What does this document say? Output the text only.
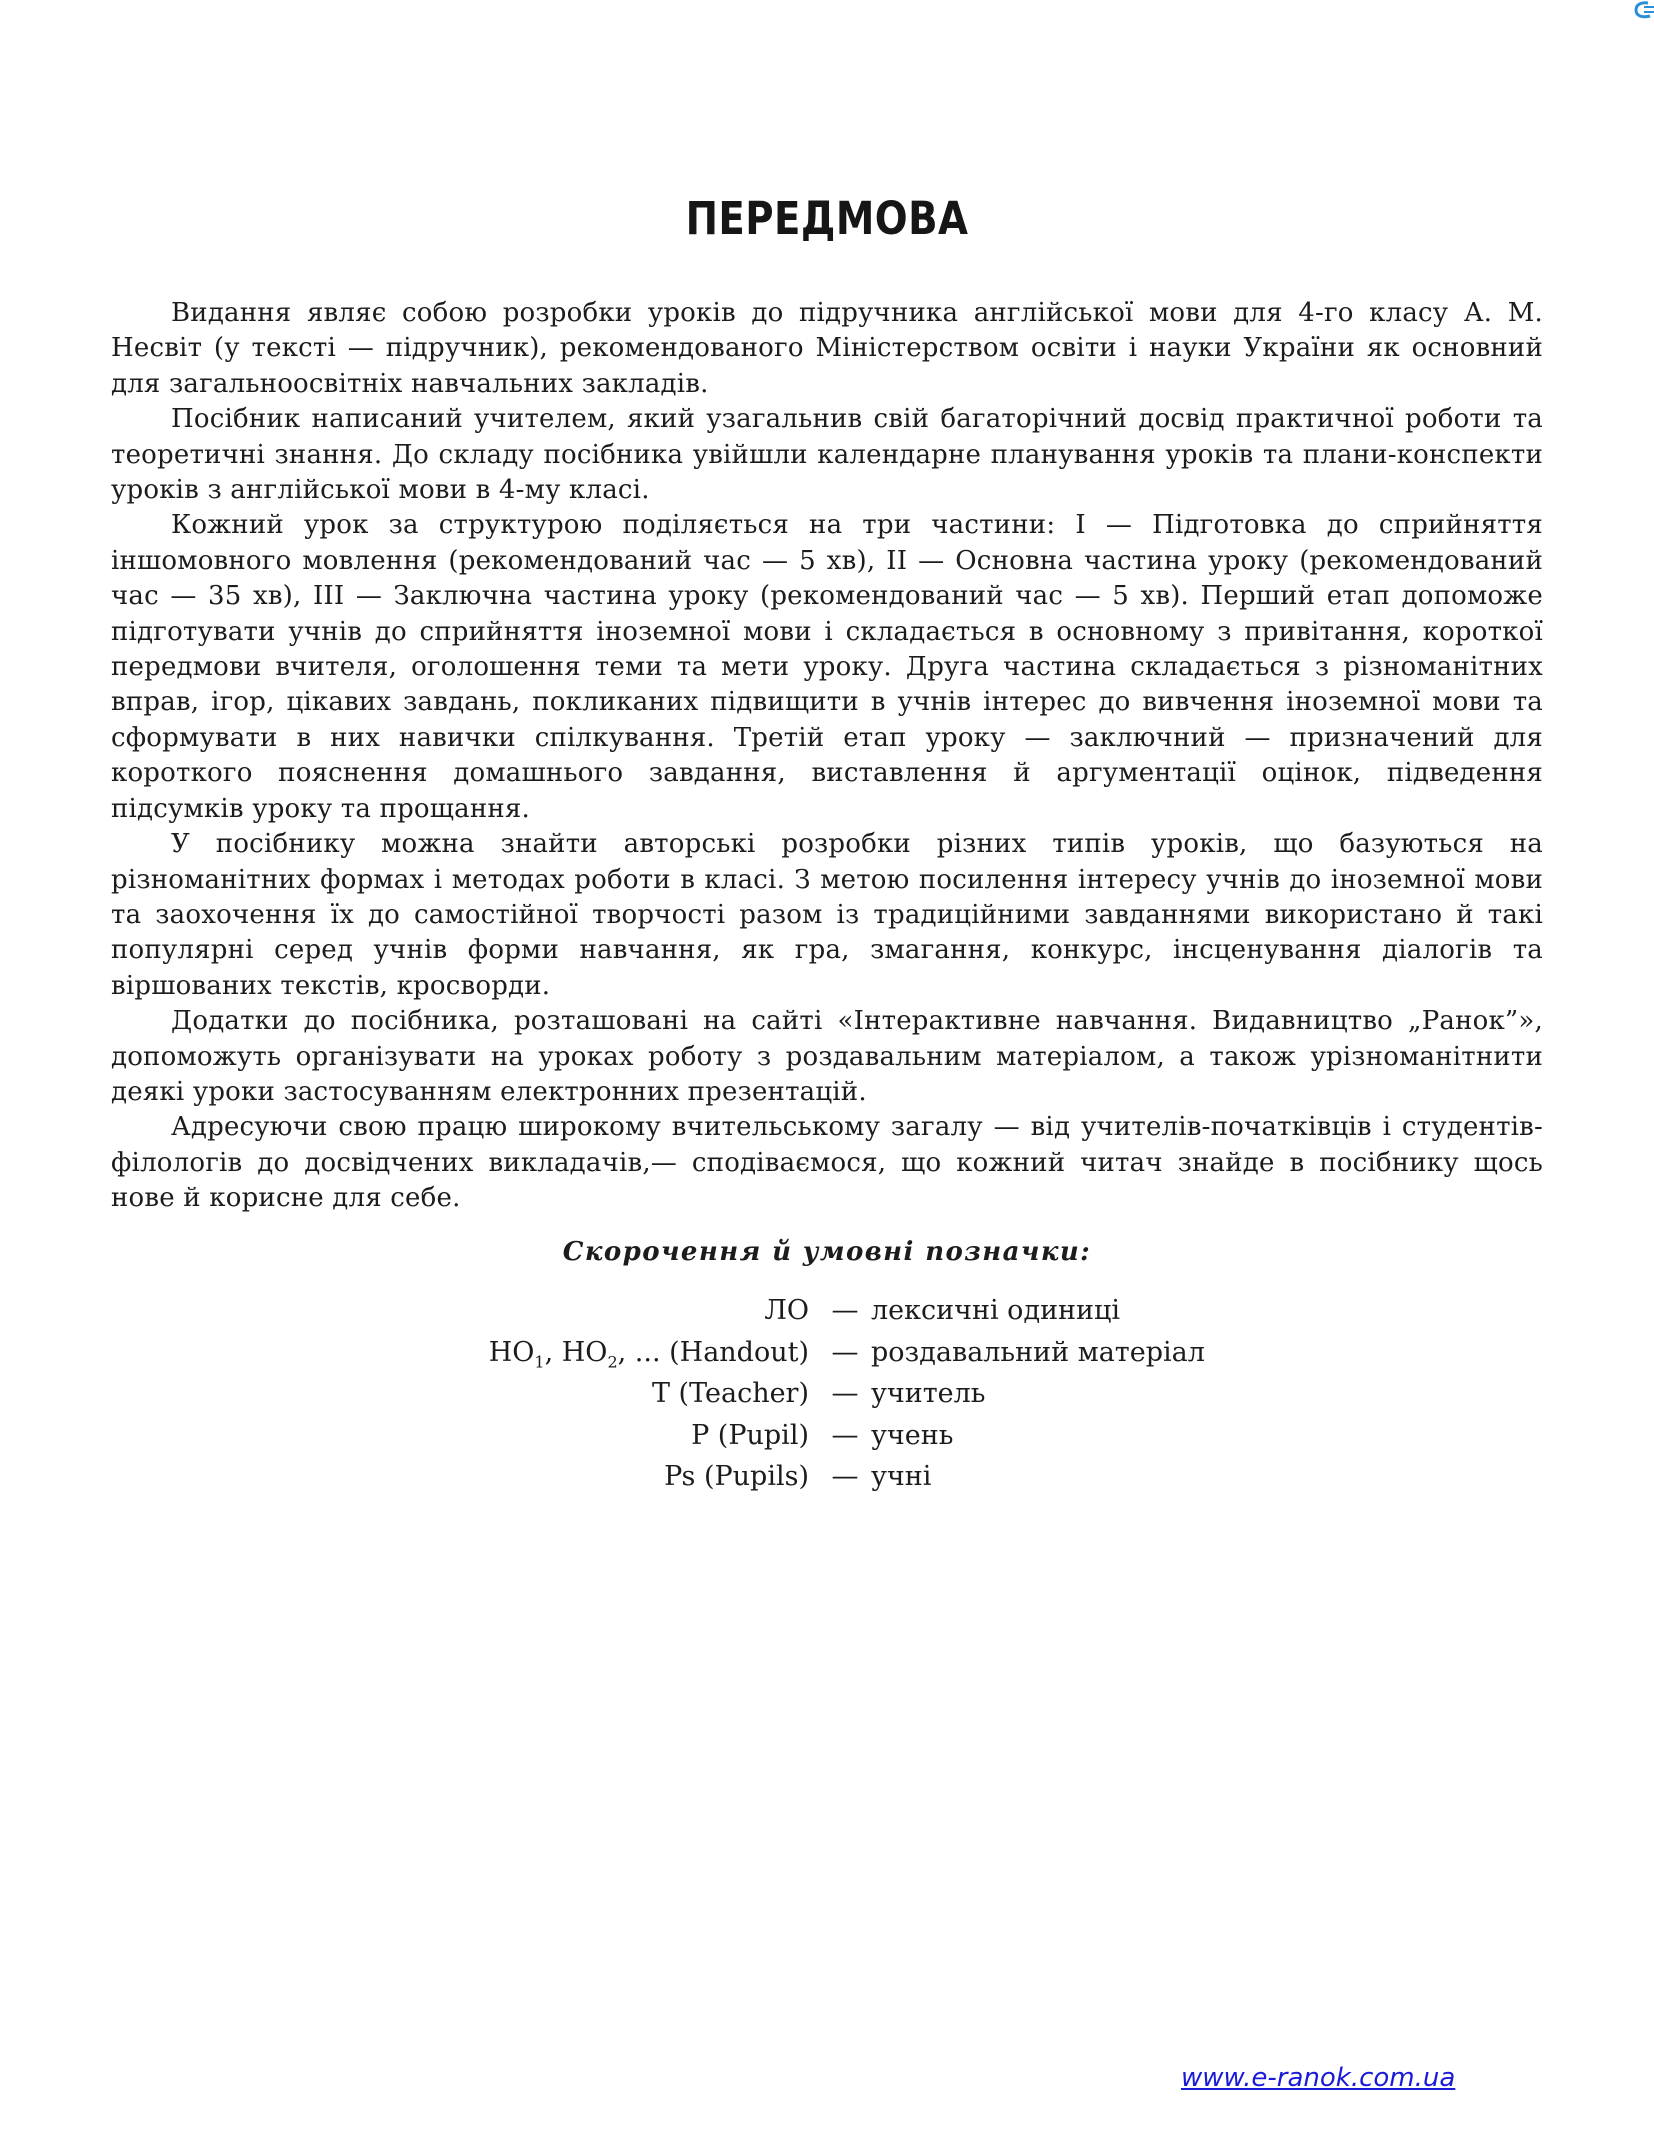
ПЕРЕДМОВА

Видання являє собою розробки уроків до підручника англійської мови для 4-го класу А. М. Несвіт (у тексті — підручник), рекомендованого Міністерством освіти і науки України як основний для загальноосвітніх навчальних закладів.

Посібник написаний учителем, який узагальнив свій багаторічний досвід практичної роботи та теоретичні знання. До складу посібника увійшли календарне планування уроків та плани-конспекти уроків з англійської мови в 4-му класі.

Кожний урок за структурою поділяється на три частини: I — Підготовка до сприйняття іншомовного мовлення (рекомендований час — 5 хв), II — Основна частина уроку (рекомендований час — 35 хв), III — Заключна частина уроку (рекомендований час — 5 хв). Перший етап допоможе підготувати учнів до сприйняття іноземної мови і складається в основному з привітання, короткої передмови вчителя, оголошення теми та мети уроку. Друга частина складається з різноманітних вправ, ігор, цікавих завдань, покликаних підвищити в учнів інтерес до вивчення іноземної мови та сформувати в них навички спілкування. Третій етап уроку — заключний — призначений для короткого пояснення домашнього завдання, виставлення й аргументації оцінок, підведення підсумків уроку та прощання.

У посібнику можна знайти авторські розробки різних типів уроків, що базуються на різноманітних формах і методах роботи в класі. З метою посилення інтересу учнів до іноземної мови та заохочення їх до самостійної творчості разом із традиційними завданнями використано й такі популярні серед учнів форми навчання, як гра, змагання, конкурс, інсценування діалогів та віршованих текстів, кросворди.

Додатки до посібника, розташовані на сайті «Інтерактивне навчання. Видавництво „Ранок”», допоможуть організувати на уроках роботу з роздавальним матеріалом, а також урізноманітнити деякі уроки застосуванням електронних презентацій.

Адресуючи свою працю широкому вчительському загалу — від учителів-початківців і студентів-філологів до досвідчених викладачів,— сподіваємося, що кожний читач знайде в посібнику щось нове й корисне для себе.

Скорочення й умовні позначки:

ЛО — лексичні одиниці
$HO_1$, $HO_2$, ... (Handout) — роздавальний матеріал
T (Teacher) — учитель
P (Pupil) — учень
Ps (Pupils) — учні
www.e-ranok.com.ua
